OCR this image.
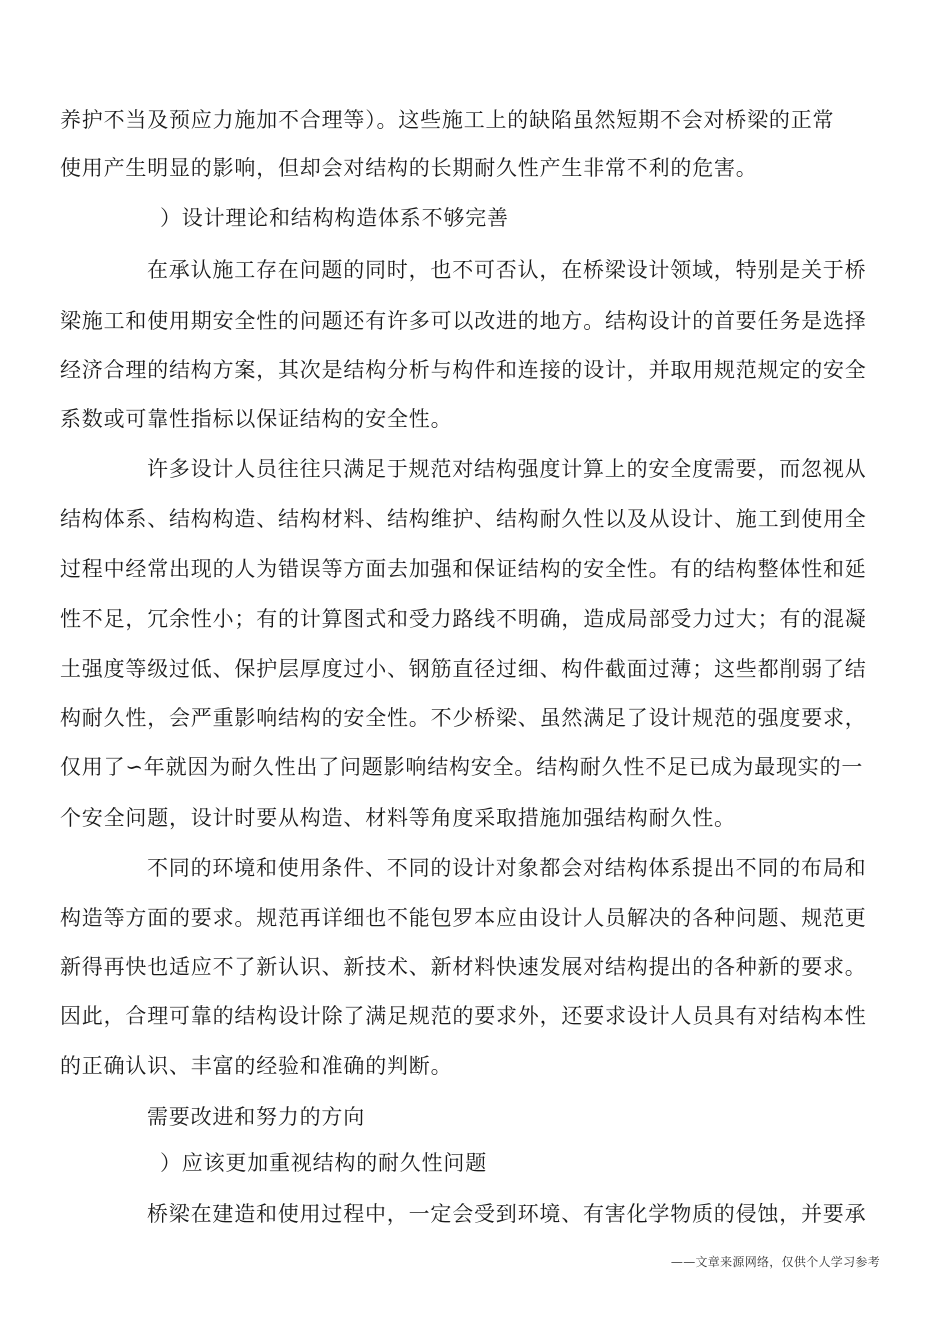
养护不当及预应力施加不合理等）。这些施工上的缺陷虽然短期不会对桥梁的正常
使用产生明显的影响，但却会对结构的长期耐久性产生非常不利的危害。
）设计理论和结构构造体系不够完善
在承认施工存在问题的同时，也不可否认，在桥梁设计领域，特别是关于桥
梁施工和使用期安全性的问题还有许多可以改进的地方。结构设计的首要任务是选择
经济合理的结构方案，其次是结构分析与构件和连接的设计，并取用规范规定的安全
系数或可靠性指标以保证结构的安全性。
许多设计人员往往只满足于规范对结构强度计算上的安全度需要，而忽视从
结构体系、结构构造、结构材料、结构维护、结构耐久性以及从设计、施工到使用全
过程中经常出现的人为错误等方面去加强和保证结构的安全性。有的结构整体性和延
性不足，冗余性小；有的计算图式和受力路线不明确，造成局部受力过大；有的混凝
土强度等级过低、保护层厚度过小、钢筋直径过细、构件截面过薄；这些都削弱了结
构耐久性，会严重影响结构的安全性。不少桥梁、虽然满足了设计规范的强度要求，
仅用了∽年就因为耐久性出了问题影响结构安全。结构耐久性不足已成为最现实的一
个安全问题，设计时要从构造、材料等角度采取措施加强结构耐久性。
不同的环境和使用条件、不同的设计对象都会对结构体系提出不同的布局和
构造等方面的要求。规范再详细也不能包罗本应由设计人员解决的各种问题、规范更
新得再快也适应不了新认识、新技术、新材料快速发展对结构提出的各种新的要求。
因此，合理可靠的结构设计除了满足规范的要求外，还要求设计人员具有对结构本性
的正确认识、丰富的经验和准确的判断。
需要改进和努力的方向
）应该更加重视结构的耐久性问题
桥梁在建造和使用过程中，一定会受到环境、有害化学物质的侵蚀，并要承
——文章来源网络，仅供个人学习参考
